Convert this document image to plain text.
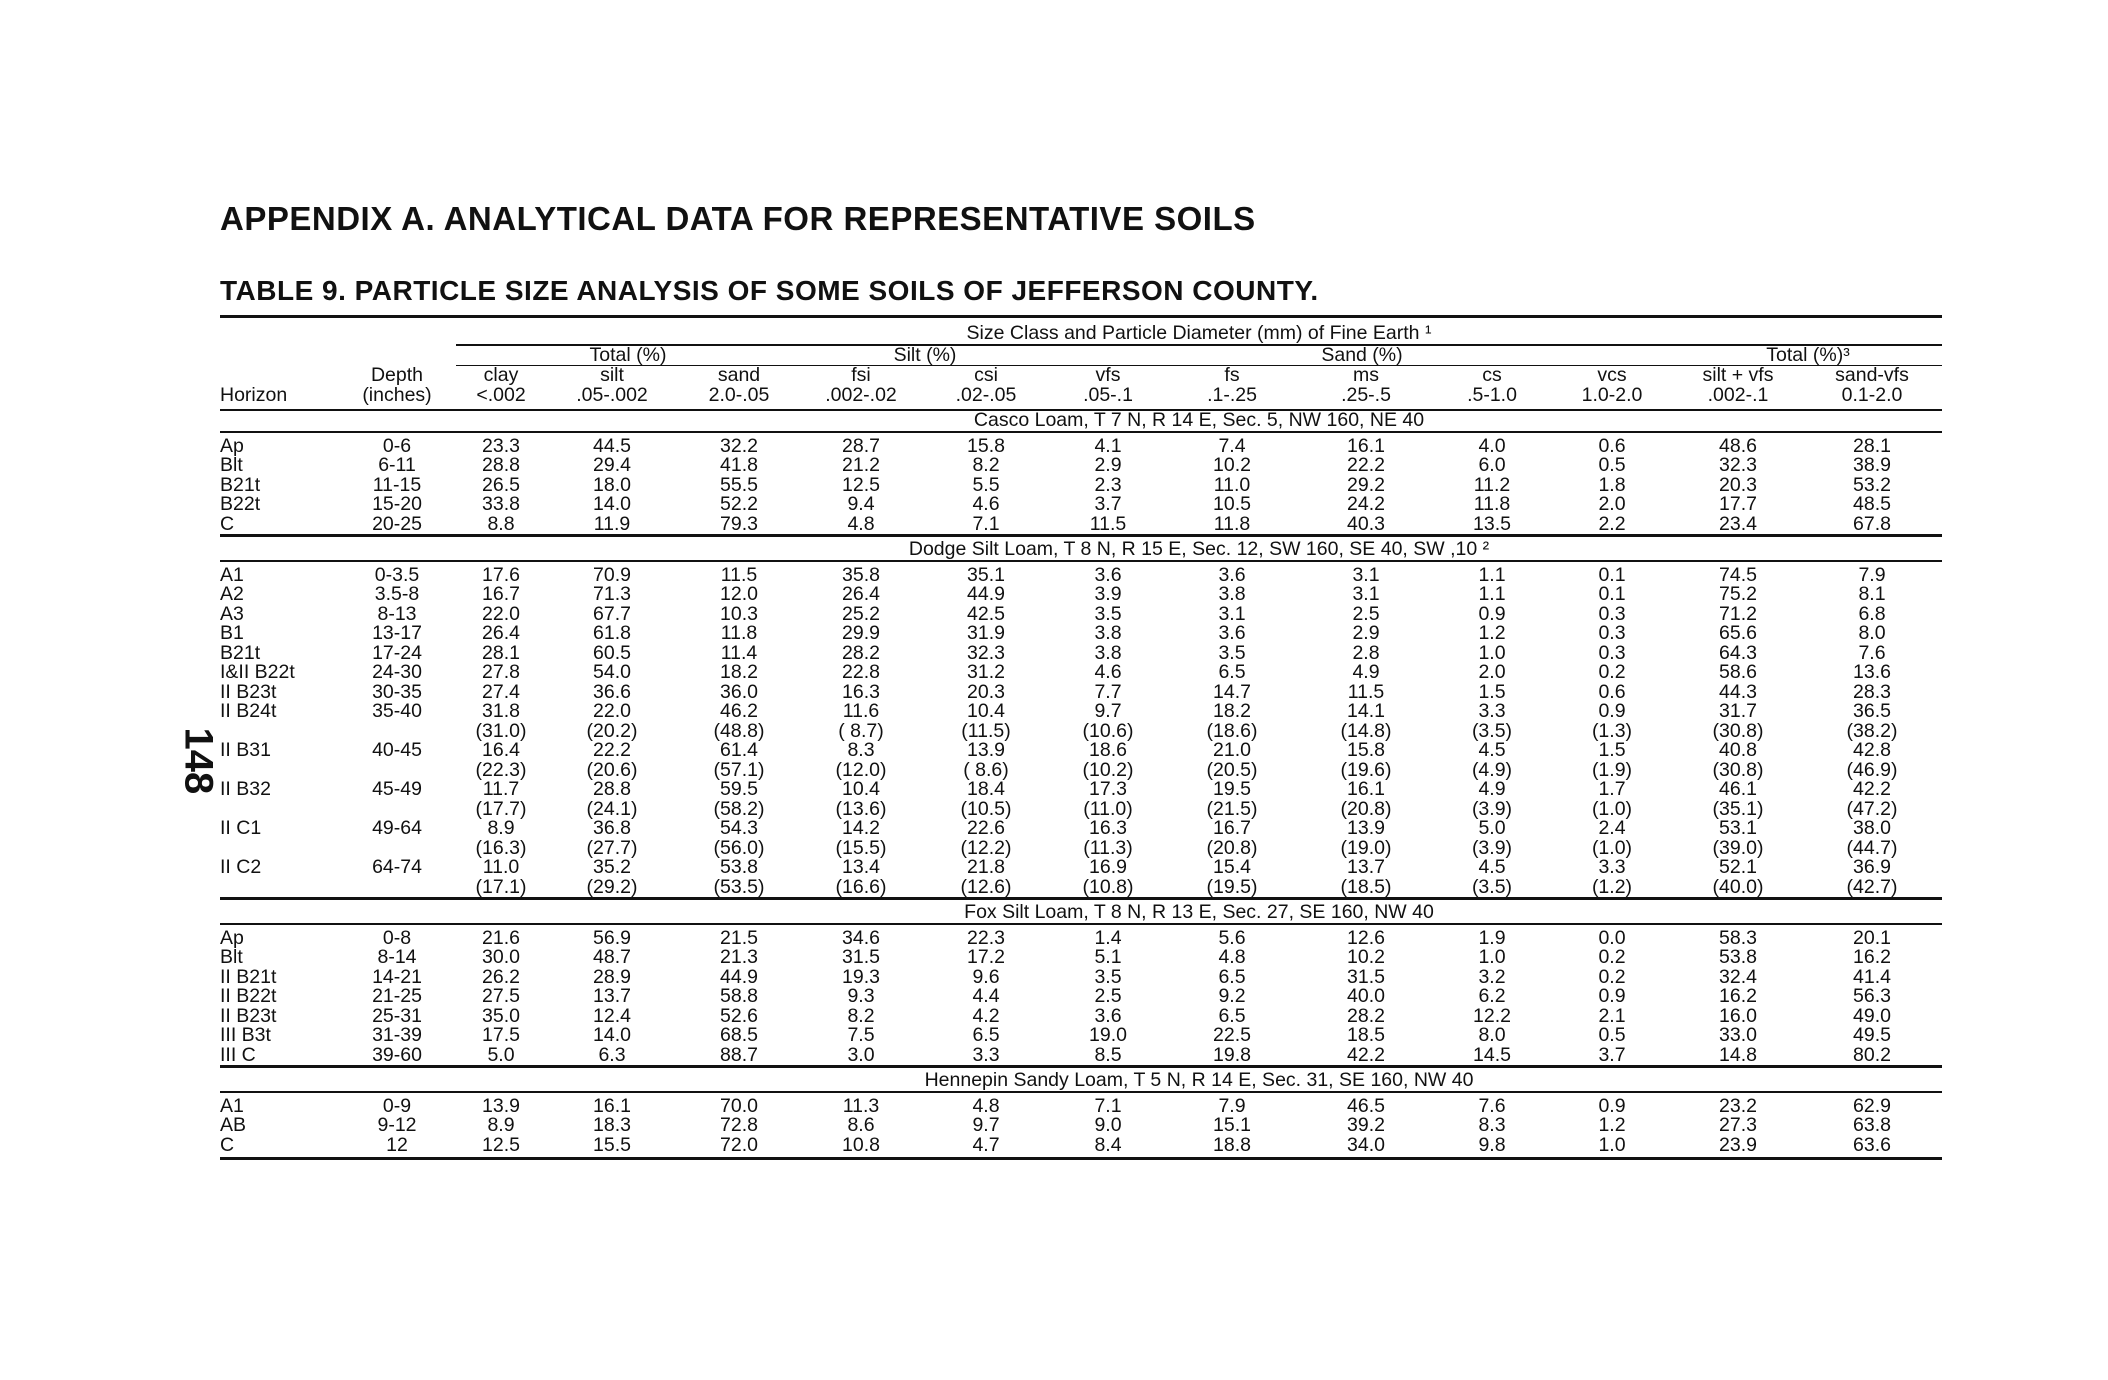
APPENDIX A. ANALYTICAL DATA FOR REPRESENTATIVE SOILS
TABLE 9. PARTICLE SIZE ANALYSIS OF SOME SOILS OF JEFFERSON COUNTY.
148

		Size Class and Particle Diameter (mm) of Fine Earth ¹											
		Total (%)			Silt (%)		Sand (%)					Total (%)³	
	Depth	clay	silt	sand	fsi	csi	vfs	fs	ms	cs	vcs	silt + vfs	sand-vfs
Horizon	(inches)	<.002	.05-.002	2.0-.05	.002-.02	.02-.05	.05-.1	.1-.25	.25-.5	.5-1.0	1.0-2.0	.002-.1	0.1-2.0

		Casco Loam, T 7 N, R 14 E, Sec. 5, NW 160, NE 40											

Ap	0-6	23.3	44.5	32.2	28.7	15.8	4.1	7.4	16.1	4.0	0.6	48.6	28.1
Blt	6-11	28.8	29.4	41.8	21.2	8.2	2.9	10.2	22.2	6.0	0.5	32.3	38.9
B21t	11-15	26.5	18.0	55.5	12.5	5.5	2.3	11.0	29.2	11.2	1.8	20.3	53.2
B22t	15-20	33.8	14.0	52.2	9.4	4.6	3.7	10.5	24.2	11.8	2.0	17.7	48.5
C	20-25	8.8	11.9	79.3	4.8	7.1	11.5	11.8	40.3	13.5	2.2	23.4	67.8

		Dodge Silt Loam, T 8 N, R 15 E, Sec. 12, SW 160, SE 40, SW ,10 ²											

A1	0-3.5	17.6	70.9	11.5	35.8	35.1	3.6	3.6	3.1	1.1	0.1	74.5	7.9
A2	3.5-8	16.7	71.3	12.0	26.4	44.9	3.9	3.8	3.1	1.1	0.1	75.2	8.1
A3	8-13	22.0	67.7	10.3	25.2	42.5	3.5	3.1	2.5	0.9	0.3	71.2	6.8
B1	13-17	26.4	61.8	11.8	29.9	31.9	3.8	3.6	2.9	1.2	0.3	65.6	8.0
B21t	17-24	28.1	60.5	11.4	28.2	32.3	3.8	3.5	2.8	1.0	0.3	64.3	7.6
I&II B22t	24-30	27.8	54.0	18.2	22.8	31.2	4.6	6.5	4.9	2.0	0.2	58.6	13.6
II B23t	30-35	27.4	36.6	36.0	16.3	20.3	7.7	14.7	11.5	1.5	0.6	44.3	28.3
II B24t	35-40	31.8	22.0	46.2	11.6	10.4	9.7	18.2	14.1	3.3	0.9	31.7	36.5
		(31.0)	(20.2)	(48.8)	( 8.7)	(11.5)	(10.6)	(18.6)	(14.8)	(3.5)	(1.3)	(30.8)	(38.2)
II B31	40-45	16.4	22.2	61.4	8.3	13.9	18.6	21.0	15.8	4.5	1.5	40.8	42.8
		(22.3)	(20.6)	(57.1)	(12.0)	( 8.6)	(10.2)	(20.5)	(19.6)	(4.9)	(1.9)	(30.8)	(46.9)
II B32	45-49	11.7	28.8	59.5	10.4	18.4	17.3	19.5	16.1	4.9	1.7	46.1	42.2
		(17.7)	(24.1)	(58.2)	(13.6)	(10.5)	(11.0)	(21.5)	(20.8)	(3.9)	(1.0)	(35.1)	(47.2)
II C1	49-64	8.9	36.8	54.3	14.2	22.6	16.3	16.7	13.9	5.0	2.4	53.1	38.0
		(16.3)	(27.7)	(56.0)	(15.5)	(12.2)	(11.3)	(20.8)	(19.0)	(3.9)	(1.0)	(39.0)	(44.7)
II C2	64-74	11.0	35.2	53.8	13.4	21.8	16.9	15.4	13.7	4.5	3.3	52.1	36.9
		(17.1)	(29.2)	(53.5)	(16.6)	(12.6)	(10.8)	(19.5)	(18.5)	(3.5)	(1.2)	(40.0)	(42.7)

		Fox Silt Loam, T 8 N, R 13 E, Sec. 27, SE 160, NW 40											

Ap	0-8	21.6	56.9	21.5	34.6	22.3	1.4	5.6	12.6	1.9	0.0	58.3	20.1
Blt	8-14	30.0	48.7	21.3	31.5	17.2	5.1	4.8	10.2	1.0	0.2	53.8	16.2
II B21t	14-21	26.2	28.9	44.9	19.3	9.6	3.5	6.5	31.5	3.2	0.2	32.4	41.4
II B22t	21-25	27.5	13.7	58.8	9.3	4.4	2.5	9.2	40.0	6.2	0.9	16.2	56.3
II B23t	25-31	35.0	12.4	52.6	8.2	4.2	3.6	6.5	28.2	12.2	2.1	16.0	49.0
III B3t	31-39	17.5	14.0	68.5	7.5	6.5	19.0	22.5	18.5	8.0	0.5	33.0	49.5
III C	39-60	5.0	6.3	88.7	3.0	3.3	8.5	19.8	42.2	14.5	3.7	14.8	80.2

		Hennepin Sandy Loam, T 5 N, R 14 E, Sec. 31, SE 160, NW 40											

A1	0-9	13.9	16.1	70.0	11.3	4.8	7.1	7.9	46.5	7.6	0.9	23.2	62.9
AB	9-12	8.9	18.3	72.8	8.6	9.7	9.0	15.1	39.2	8.3	1.2	27.3	63.8
C	12	12.5	15.5	72.0	10.8	4.7	8.4	18.8	34.0	9.8	1.0	23.9	63.6
